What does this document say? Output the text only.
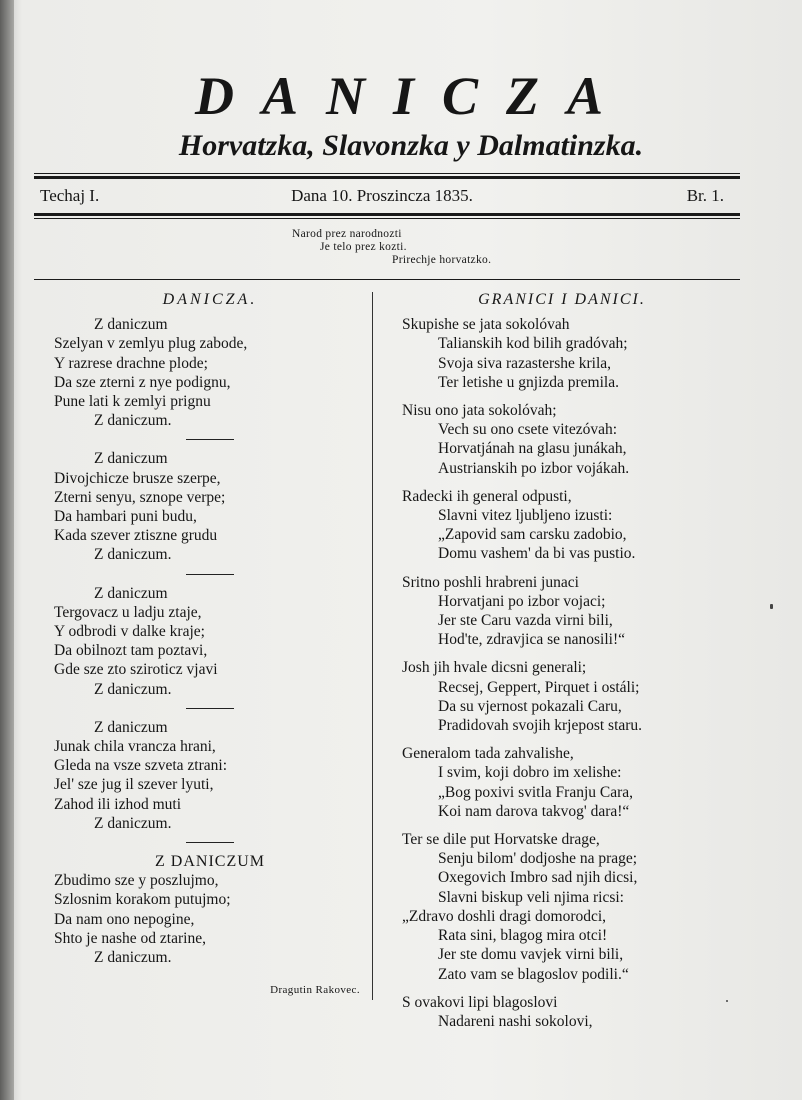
DANICZA
Horvatzka, Slavonzka y Dalmatinzka.
Techaj I.	Dana 10. Proszincza 1835.	Br. 1.
Narod prez narodnozti
Je telo prez kozti.
Prirechje horvatzko.
DANICZA.
Z daniczum
Szelyan v zemlyu plug zabode,
Y razrese drachne plode;
Da sze zterni z nye podignu,
Pune lati k zemlyi prignu
Z daniczum.
Z daniczum
Divojchicze brusze szerpe,
Zterni senyu, sznope verpe;
Da hambari puni budu,
Kada szever ztiszne grudu
Z daniczum.
Z daniczum
Tergovacz u ladju ztaje,
Y odbrodi v dalke kraje;
Da obilnozt tam poztavi,
Gde sze zto sziroticz vjavi
Z daniczum.
Z daniczum
Junak chila vrancza hrani,
Gleda na vsze szveta ztrani:
Jel' sze jug il szever lyuti,
Zahod ili izhod muti
Z daniczum.
Z DANICZUM
Zbudimo sze y poszlujmo,
Szlosnim korakom putujmo;
Da nam ono nepogine,
Shto je nashe od ztarine,
Z daniczum.
Dragutin Rakovec.
GRANICI I DANICI.
Skupishe se jata sokolóvah
Talianskih kod bilih gradóvah;
Svoja siva razastershe krila,
Ter letishe u gnjizda premila.
Nisu ono jata sokolóvah;
Vech su ono csete vitezóvah:
Horvatjánah na glasu junákah,
Austrianskih po izbor vojákah.
Radecki ih general odpusti,
Slavni vitez ljubljeno izusti:
„Zapovid sam carsku zadobio,
Domu vashem' da bi vas pustio.
Sritno poshli hrabreni junaci
Horvatjani po izbor vojaci;
Jer ste Caru vazda virni bili,
Hod'te, zdravjica se nanosili!“
Josh jih hvale dicsni generali;
Recsej, Geppert, Pirquet i ostáli;
Da su vjernost pokazali Caru,
Pradidovah svojih krjepost staru.
Generalom tada zahvalishe,
I svim, koji dobro im xelishe:
„Bog poxivi svitla Franju Cara,
Koi nam darova takvog' dara!“
Ter se dile put Horvatske drage,
Senju bilom' dodjoshe na prage;
Oxegovich Imbro sad njih dicsi,
Slavni biskup veli njima ricsi:
„Zdravo doshli dragi domorodci,
Rata sini, blagog mira otci!
Jer ste domu vavjek virni bili,
Zato vam se blagoslov podili.“
S ovakovi lipi blagoslovi
Nadareni nashi sokolovi,
